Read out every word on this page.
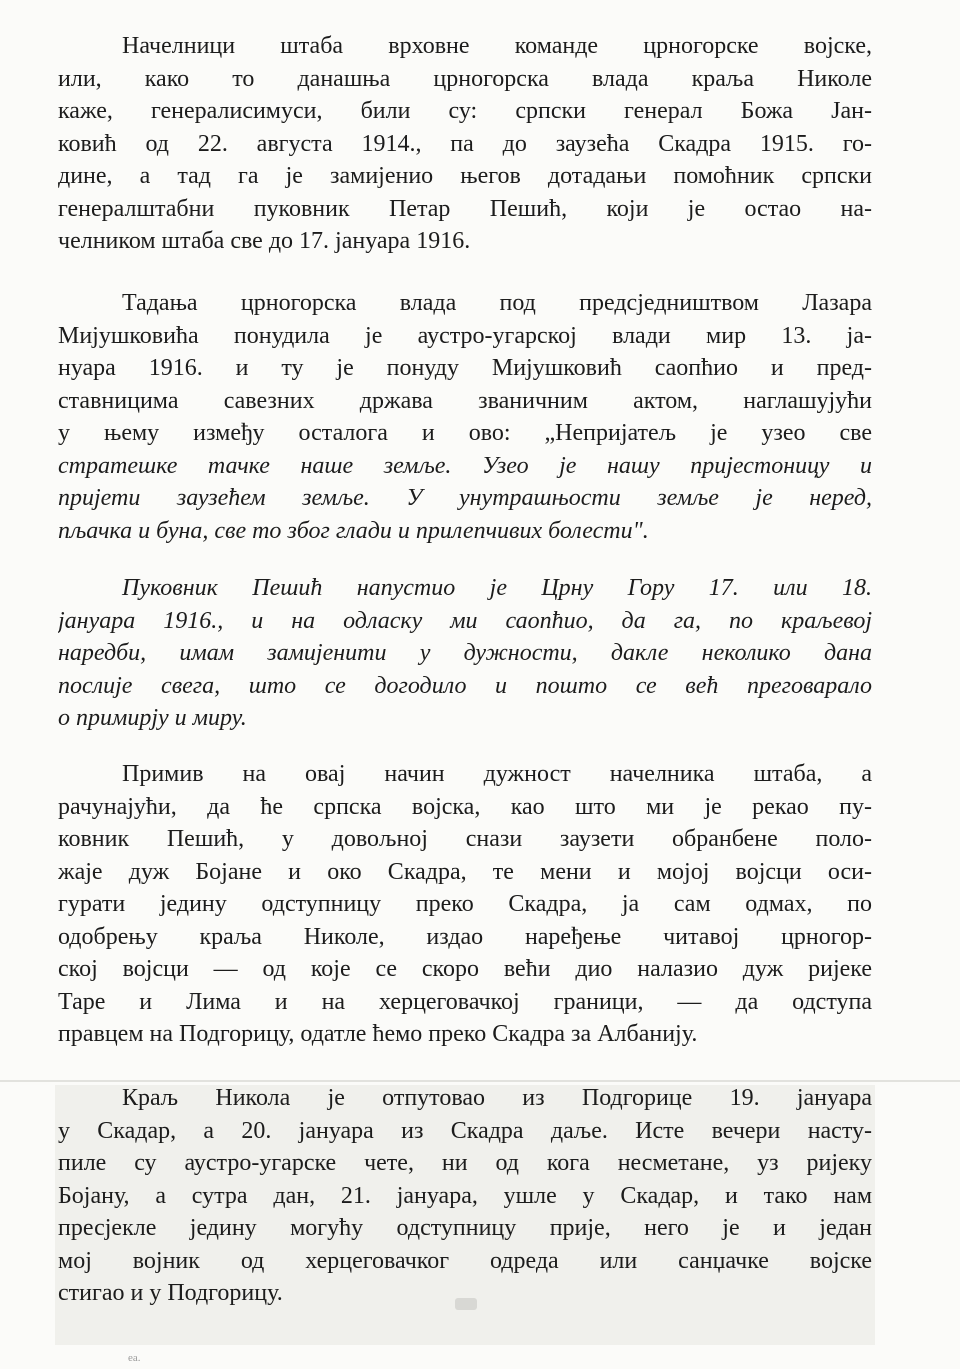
Начелници штаба врховне команде црногорске војске,
или, како то данашња црногорска влада краља Николе
каже, генералисимуси, били су: српски генерал Божа Јан-
ковић од 22. августа 1914., па до заузећа Скадра 1915. го-
дине, а тад га је замијенио његов дотадањи помоћник српски
генералштабни пуковник Петар Пешић, који је остао на-
челником штаба све до 17. јануара 1916.
Тадања црногорска влада под предсједништвом Лазара
Мијушковића понудила је аустро-угарској влади мир 13. ја-
нуара 1916. и ту је понуду Мијушковић саопћио и пред-
ставницима савезних држава званичним актом, наглашујући
у њему између осталога и ово: „Непријатељ је узео све
стратешке тачке наше земље. Узео је нашу пријестоницу и
пријети заузећем земље. У унутрашњости земље је неред,
пљачка и буна, све то због глади и прилепчивих болести".
Пуковник Пешић напустио је Црну Гору 17. или 18.
јануара 1916., и на одласку ми саопћио, да га, по краљевој
наредби, имам замијенити у дужности, дакле неколико дана
послије свега, што се догодило и пошто се већ преговарало
о примирју и миру.
Примив на овај начин дужност начелника штаба, а
рачунајући, да ће српска војска, као што ми је рекао пу-
ковник Пешић, у довољној снази заузети обранбене поло-
жаје дуж Бојане и око Скадра, те мени и мојој војсци оси-
гурати једину одступницу преко Скадра, ја сам одмах, по
одобрењу краља Николе, издао наређење читавој црногор-
ској војсци — од које се скоро већи дио налазио дуж ријеке
Таре и Лима и на херцеговачкој граници, — да одступа
правцем на Подгорицу, одатле ћемо преко Скадра за Албанију.
Краљ Никола је отпутовао из Подгорице 19. јануара
у Скадар, а 20. јануара из Скадра даље. Исте вечери насту-
пиле су аустро-угарске чете, ни од кога несметане, уз ријеку
Бојану, а сутра дан, 21. јануара, ушле у Скадар, и тако нам
пресјекле једину могућу одступницу прије, него је и један
мој војник од херцеговачког одреда или санџачке војске
стигао и у Подгорицу.
ea.
